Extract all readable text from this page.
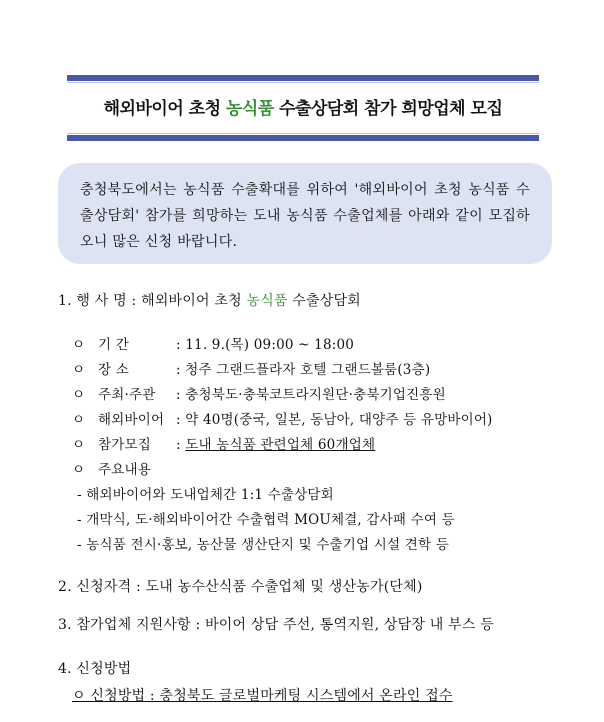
해외바이어 초청 농식품 수출상담회 참가 희망업체 모집
충청북도에서는 농식품 수출확대를 위하여 '해외바이어 초청 농식품 수출상담회' 참가를 희망하는 도내 농식품 수출업체를 아래와 같이 모집하오니 많은 신청 바랍니다.
1. 행 사 명 : 해외바이어 초청 농식품 수출상담회
ㅇ 기 간	: 11. 9.(목) 09:00 ~ 18:00
ㅇ 장 소	: 청주 그랜드플라자 호텔 그랜드볼룸(3층)
ㅇ 주최·주관 : 충청북도·충북코트라지원단·충북기업진흥원
ㅇ 해외바이어 : 약 40명(중국, 일본, 동남아, 대양주 등 유망바이어)
ㅇ 참가모집 : 도내 농식품 관련업체 60개업체
ㅇ 주요내용
- 해외바이어와 도내업체간 1:1 수출상담회
- 개막식, 도·해외바이어간 수출협력 MOU체결, 감사패 수여 등
- 농식품 전시·홍보, 농산물 생산단지 및 수출기업 시설 견학 등
2. 신청자격 : 도내 농수산식품 수출업체 및 생산농가(단체)
3. 참가업체 지원사항 : 바이어 상담 주선, 통역지원, 상담장 내 부스 등
4. 신청방법
ㅇ 신청방법 : 충청북도 글로벌마케팅 시스템에서 온라인 접수
